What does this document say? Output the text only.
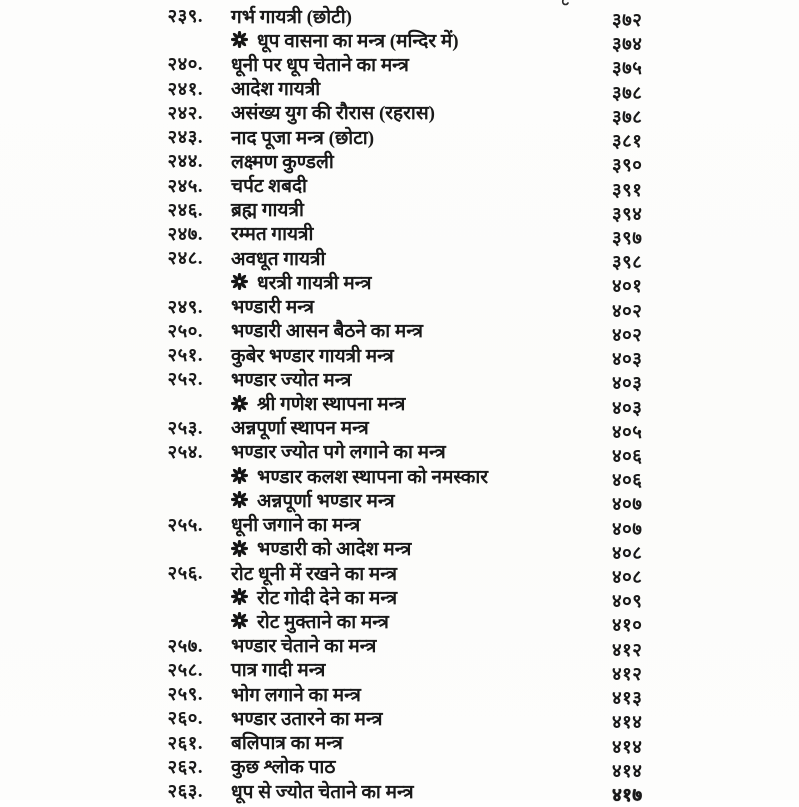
२३९. गर्भ गायत्री (छोटी)	३७२
धूप वासना का मन्त्र (मन्दिर में)	३७४
२४०. धूनी पर धूप चेताने का मन्त्र	३७५
२४१. आदेश गायत्री	३७८
२४२. असंख्य युग की रौरास (रहरास)	३७८
२४३. नाद पूजा मन्त्र (छोटा)	३८१
२४४. लक्ष्मण कुण्डली	३९०
२४५. चर्पट शबदी	३९१
२४६. ब्रह्म गायत्री	३९४
२४७. रम्मत गायत्री	३९७
२४८. अवधूत गायत्री	३९८
धरत्री गायत्री मन्त्र	४०१
२४९. भण्डारी मन्त्र	४०२
२५०. भण्डारी आसन बैठने का मन्त्र	४०२
२५१. कुबेर भण्डार गायत्री मन्त्र	४०३
२५२. भण्डार ज्योत मन्त्र	४०३
श्री गणेश स्थापना मन्त्र	४०३
२५३. अन्नपूर्णा स्थापन मन्त्र	४०५
२५४. भण्डार ज्योत पगे लगाने का मन्त्र	४०६
भण्डार कलश स्थापना को नमस्कार	४०६
अन्नपूर्णा भण्डार मन्त्र	४०७
२५५. धूनी जगाने का मन्त्र	४०७
भण्डारी को आदेश मन्त्र	४०८
२५६. रोट धूनी में रखने का मन्त्र	४०८
रोट गोदी देने का मन्त्र	४०९
रोट मुक्ताने का मन्त्र	४१०
२५७. भण्डार चेताने का मन्त्र	४१२
२५८. पात्र गादी मन्त्र	४१२
२५९. भोग लगाने का मन्त्र	४१३
२६०. भण्डार उतारने का मन्त्र	४१४
२६१. बलिपात्र का मन्त्र	४१४
२६२. कुछ श्लोक पाठ	४१४
२६३. धूप से ज्योत चेताने का मन्त्र	४१७
